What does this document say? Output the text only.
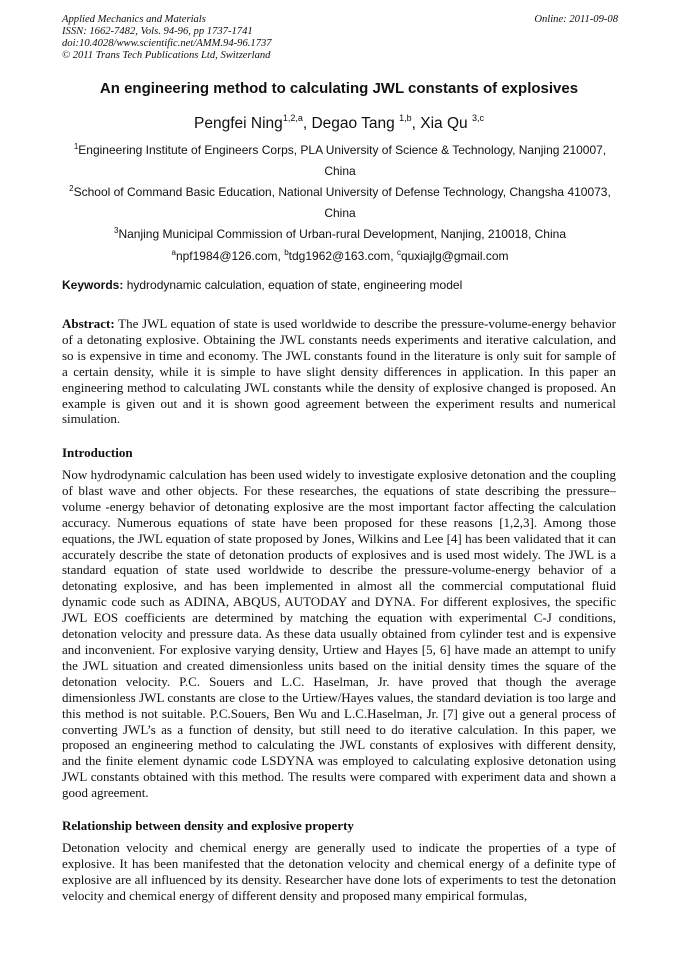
Applied Mechanics and Materials
ISSN: 1662-7482, Vols. 94-96, pp 1737-1741
doi:10.4028/www.scientific.net/AMM.94-96.1737
© 2011 Trans Tech Publications Ltd, Switzerland
Online: 2011-09-08
An engineering method to calculating JWL constants of explosives
Pengfei Ning$^{1,2,a}$, Degao Tang $^{1,b}$, Xia Qu $^{3,c}$
$^1$Engineering Institute of Engineers Corps, PLA University of Science & Technology, Nanjing 210007, China
$^2$School of Command Basic Education, National University of Defense Technology, Changsha 410073, China
$^3$Nanjing Municipal Commission of Urban-rural Development, Nanjing, 210018, China
$^a$npf1984@126.com, $^b$tdg1962@163.com, $^c$quxiajlg@gmail.com
Keywords: hydrodynamic calculation, equation of state, engineering model
Abstract: The JWL equation of state is used worldwide to describe the pressure-volume-energy behavior of a detonating explosive. Obtaining the JWL constants needs experiments and iterative calculation, and so is expensive in time and economy. The JWL constants found in the literature is only suit for sample of a certain density, while it is simple to have slight density differences in application. In this paper an engineering method to calculating JWL constants while the density of explosive changed is proposed. An example is given out and it is shown good agreement between the experiment results and numerical simulation.
Introduction
Now hydrodynamic calculation has been used widely to investigate explosive detonation and the coupling of blast wave and other objects. For these researches, the equations of state describing the pressure–volume -energy behavior of detonating explosive are the most important factor affecting the calculation accuracy. Numerous equations of state have been proposed for these reasons [1,2,3]. Among those equations, the JWL equation of state proposed by Jones, Wilkins and Lee [4] has been validated that it can accurately describe the state of detonation products of explosives and is used most widely. The JWL is a standard equation of state used worldwide to describe the pressure-volume-energy behavior of a detonating explosive, and has been implemented in almost all the commercial computational fluid dynamic code such as ADINA, ABQUS, AUTODAY and DYNA. For different explosives, the specific JWL EOS coefficients are determined by matching the equation with experimental C-J conditions, detonation velocity and pressure data. As these data usually obtained from cylinder test and is expensive and inconvenient. For explosive varying density, Urtiew and Hayes [5, 6] have made an attempt to unify the JWL situation and created dimensionless units based on the initial density times the square of the detonation velocity. P.C. Souers and L.C. Haselman, Jr. have proved that though the average dimensionless JWL constants are close to the Urtiew/Hayes values, the standard deviation is too large and this method is not suitable. P.C.Souers, Ben Wu and L.C.Haselman, Jr. [7] give out a general process of converting JWL’s as a function of density, but still need to do iterative calculation. In this paper, we proposed an engineering method to calculating the JWL constants of explosives with different density, and the finite element dynamic code LSDYNA was employed to calculating explosive detonation using JWL constants obtained with this method. The results were compared with experiment data and shown a good agreement.
Relationship between density and explosive property
Detonation velocity and chemical energy are generally used to indicate the properties of a type of explosive. It has been manifested that the detonation velocity and chemical energy of a definite type of explosive are all influenced by its density. Researcher have done lots of experiments to test the detonation velocity and chemical energy of different density and proposed many empirical formulas,
